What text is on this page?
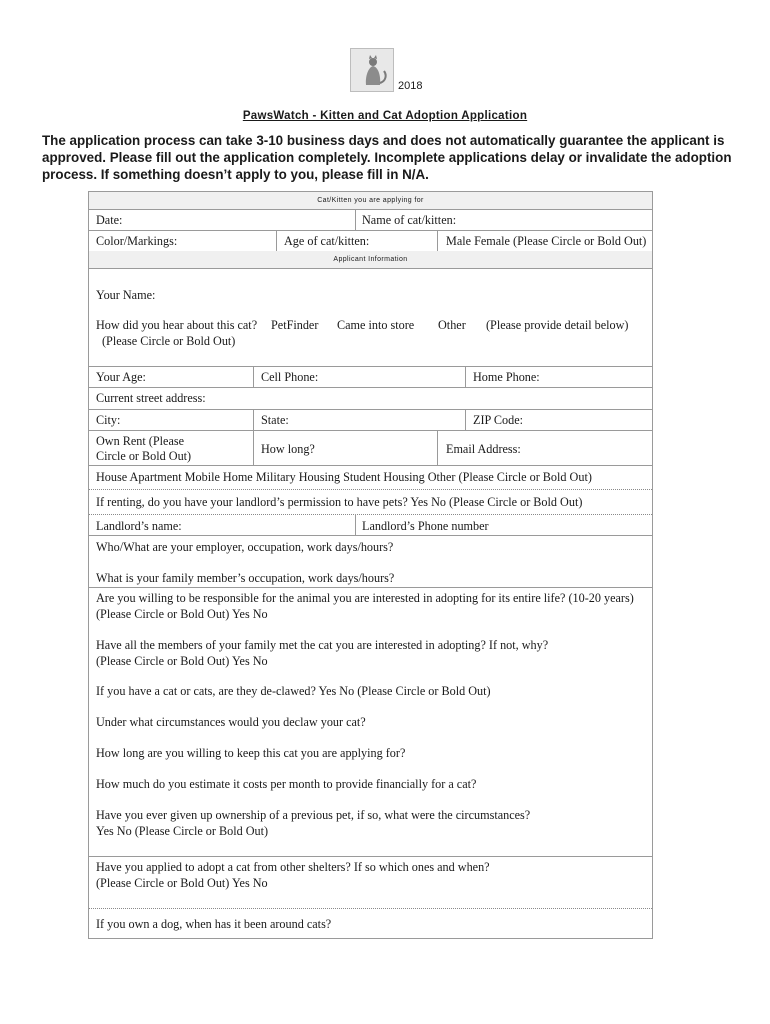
2018
PawsWatch - Kitten and Cat Adoption Application
The application process can take 3-10 business days and does not automatically guarantee the applicant is approved. Please fill out the application completely. Incomplete applications delay or invalidate the adoption process. If something doesn’t apply to you, please fill in N/A.
Cat/Kitten you are applying for
Date:	Name of cat/kitten:
Color/Markings:	Age of cat/kitten:	Male Female (Please Circle or Bold Out)
Applicant Information
Your Name:
How did you hear about this cat? PetFinder Came into store Other (Please provide detail below)
(Please Circle or Bold Out)
Your Age:	Cell Phone:	Home Phone:
Current street address:
City:	State:	ZIP Code:
Own Rent (Please
Circle or Bold Out)	How long?	Email Address:
House Apartment Mobile Home Military Housing Student Housing Other (Please Circle or Bold Out)
If renting, do you have your landlord’s permission to have pets? Yes No (Please Circle or Bold Out)
Landlord’s name:	Landlord’s Phone number
Who/What are your employer, occupation, work days/hours?
What is your family member’s occupation, work days/hours?
Are you willing to be responsible for the animal you are interested in adopting for its entire life? (10-20 years)
(Please Circle or Bold Out) Yes No
Have all the members of your family met the cat you are interested in adopting? If not, why?
(Please Circle or Bold Out) Yes No
If you have a cat or cats, are they de-clawed? Yes No (Please Circle or Bold Out)
Under what circumstances would you declaw your cat?
How long are you willing to keep this cat you are applying for?
How much do you estimate it costs per month to provide financially for a cat?
Have you ever given up ownership of a previous pet, if so, what were the circumstances?
Yes No (Please Circle or Bold Out)
Have you applied to adopt a cat from other shelters? If so which ones and when?
(Please Circle or Bold Out) Yes No
If you own a dog, when has it been around cats?
